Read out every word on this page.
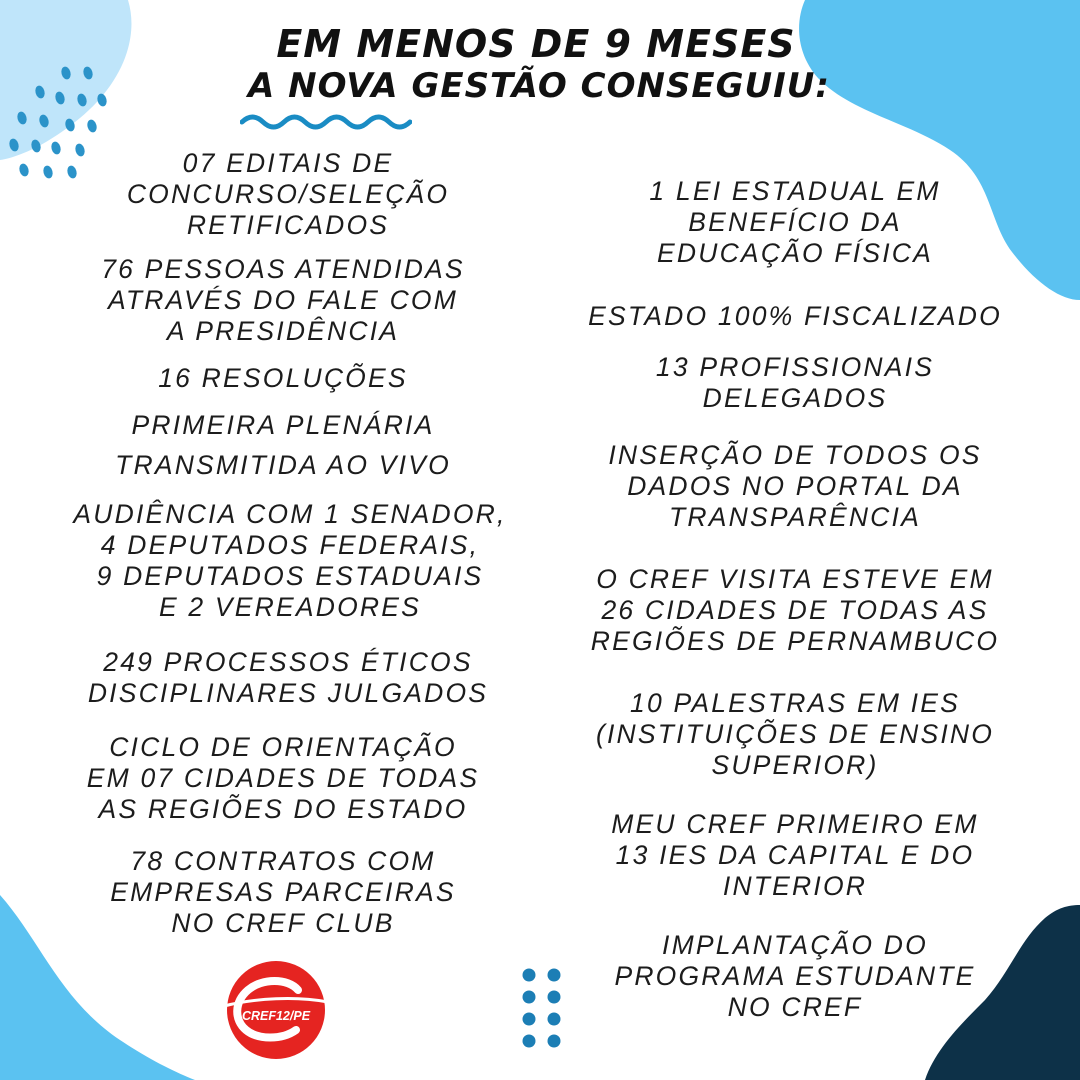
EM MENOS DE 9 MESES
A NOVA GESTÃO CONSEGUIU:
07 EDITAIS DE
CONCURSO/SELEÇÃO
RETIFICADOS
76 PESSOAS ATENDIDAS
ATRAVÉS DO FALE COM
A PRESIDÊNCIA
16 RESOLUÇÕES
PRIMEIRA PLENÁRIA
TRANSMITIDA AO VIVO
AUDIÊNCIA COM 1 SENADOR,
4 DEPUTADOS FEDERAIS,
9 DEPUTADOS ESTADUAIS
E 2 VEREADORES
249 PROCESSOS ÉTICOS
DISCIPLINARES JULGADOS
CICLO DE ORIENTAÇÃO
EM 07 CIDADES DE TODAS
AS REGIÕES DO ESTADO
78 CONTRATOS COM
EMPRESAS PARCEIRAS
NO CREF CLUB
1 LEI ESTADUAL EM
BENEFÍCIO DA
EDUCAÇÃO FÍSICA
ESTADO 100% FISCALIZADO
13 PROFISSIONAIS
DELEGADOS
INSERÇÃO DE TODOS OS
DADOS NO PORTAL DA
TRANSPARÊNCIA
O CREF VISITA ESTEVE EM
26 CIDADES DE TODAS AS
REGIÕES DE PERNAMBUCO
10 PALESTRAS EM IES
(INSTITUIÇÕES DE ENSINO
SUPERIOR)
MEU CREF PRIMEIRO EM
13 IES DA CAPITAL E DO
INTERIOR
IMPLANTAÇÃO DO
PROGRAMA ESTUDANTE
NO CREF
CREF12/PE
